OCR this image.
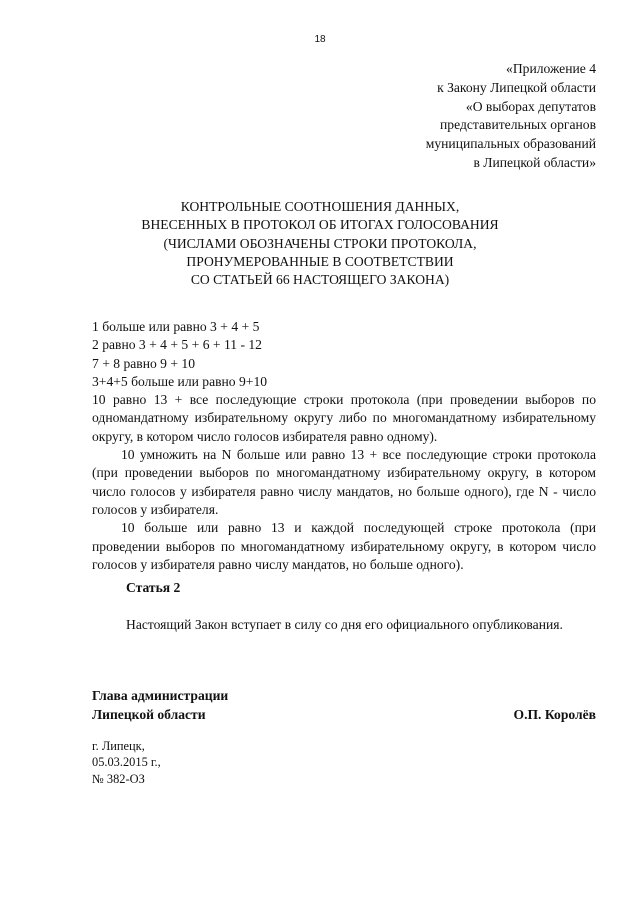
18
«Приложение 4
к Закону Липецкой области
«О выборах депутатов
представительных органов
муниципальных образований
в Липецкой области»
КОНТРОЛЬНЫЕ СООТНОШЕНИЯ ДАННЫХ,
ВНЕСЕННЫХ В ПРОТОКОЛ ОБ ИТОГАХ ГОЛОСОВАНИЯ
(ЧИСЛАМИ ОБОЗНАЧЕНЫ СТРОКИ ПРОТОКОЛА,
ПРОНУМЕРОВАННЫЕ В СООТВЕТСТВИИ
СО СТАТЬЕЙ 66 НАСТОЯЩЕГО ЗАКОНА)

1 больше или равно 3 + 4 + 5

2 равно 3 + 4 + 5 + 6 + 11 - 12

7 + 8 равно 9 + 10

3+4+5 больше или равно 9+10

10 равно 13 + все последующие строки протокола (при проведении выборов по одномандатному избирательному округу либо по многомандатному избирательному округу, в котором число голосов избирателя равно одному).

10 умножить на N больше или равно 13 + все последующие строки протокола (при проведении выборов по многомандатному избирательному округу, в котором число голосов у избирателя равно числу мандатов, но больше одного), где N - число голосов у избирателя.

10 больше или равно 13 и каждой последующей строке протокола (при проведении выборов по многомандатному избирательному округу, в котором число голосов у избирателя равно числу мандатов, но больше одного).

Статья 2
Настоящий Закон вступает в силу со дня его официального опубликования.
Глава администрации
Липецкой области	О.П. Королёв
г. Липецк,
05.03.2015 г.,
№ 382-ОЗ
